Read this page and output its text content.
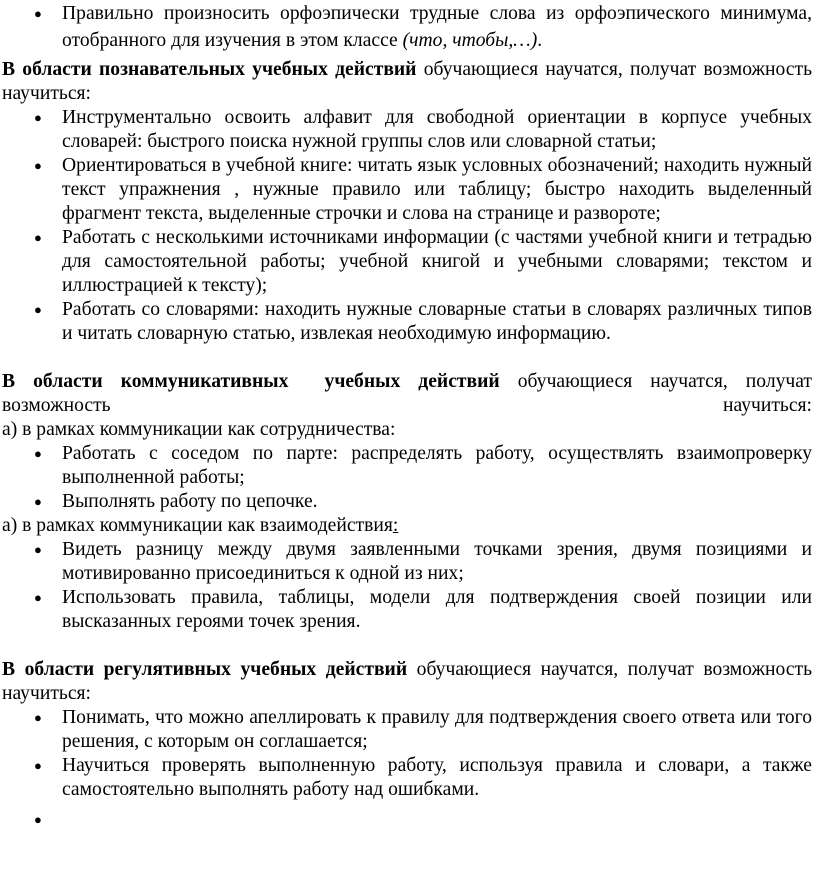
● Правильно произносить орфоэпически трудные слова из орфоэпического минимума, отобранного для изучения в этом классе (что, чтобы,…).

В области познавательных учебных действий обучающиеся научатся, получат возможность научиться:

● Инструментально освоить алфавит для свободной ориентации в корпусе учебных словарей: быстрого поиска нужной группы слов или словарной статьи;
● Ориентироваться в учебной книге: читать язык условных обозначений; находить нужный текст упражнения , нужные правило или таблицу; быстро находить выделенный фрагмент текста, выделенные строчки и слова на странице и развороте;
● Работать с несколькими источниками информации (с частями учебной книги и тетрадью для самостоятельной работы; учебной книгой и учебными словарями; текстом и иллюстрацией к тексту);
● Работать со словарями: находить нужные словарные статьи в словарях различных типов и читать словарную статью, извлекая необходимую информацию.

В области коммуникативных  учебных действий обучающиеся научатся, получат возможность научиться:

а) в рамках коммуникации как сотрудничества:

● Работать с соседом по парте: распределять работу, осуществлять взаимопроверку выполненной работы;
● Выполнять работу по цепочке.

а) в рамках коммуникации как взаимодействия:

● Видеть разницу между двумя заявленными точками зрения, двумя позициями и мотивированно присоединиться к одной из них;
● Использовать правила, таблицы, модели для подтверждения своей позиции или высказанных героями точек зрения.

В области регулятивных учебных действий обучающиеся научатся, получат возможность научиться:

● Понимать, что можно апеллировать к правилу для подтверждения своего ответа или того решения, с которым он соглашается;
● Научиться проверять выполненную работу, используя правила и словари, а также самостоятельно выполнять работу над ошибками.
●
